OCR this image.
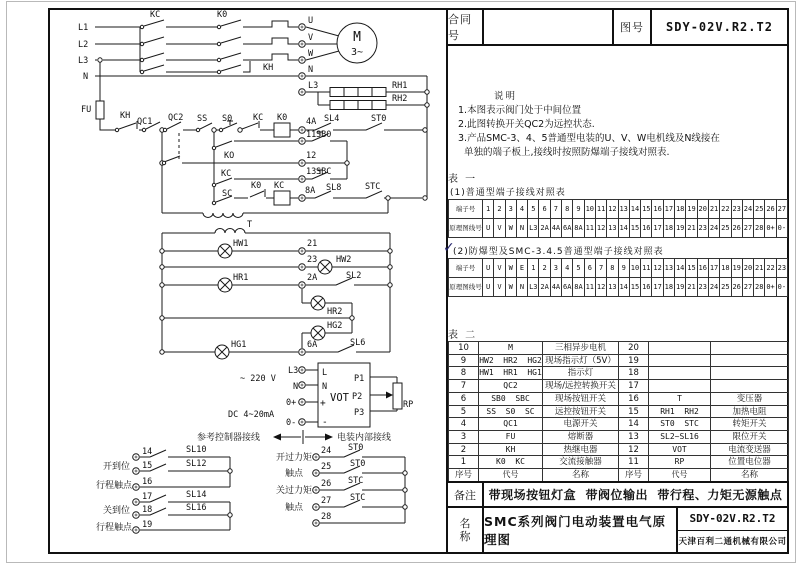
L1
L2
L3
N
KC	K0
KH
U
V
W
N
L3	RH1
RH2
M
3~
FU
KH
QC1 QC2 SS S0 KC K0 4A SL4	ST0
KO
11 SB0
12
KC	13 SBC
SC
K0 KC 8A SL8	STC
T
HW1	21
23 HW2
HR1	2A	SL2
HR2
HG2
HG1	6A	SL6
L3
~ 220 V
N
0+
DC 4~20mA
0-
L
N
VOT
+
-
P1
P2
P3
RP
参考控制器接线	电装内部接线
开到位
行程触点
14	SL10
15	SL12
16
17	SL14
18	SL16
19
关到位
行程触点
开过力矩
触点
关过力矩
触点
24 ST0
25 ST0
26 STC
27 STC
28
合同号
图号	SDY-02V.R2.T2
说明
1.本图表示阀门处于中间位置
2.此图转换开关QC2为远控状态.
3.产品SMC-3、4、5普通型电装的U、V、W电机线及N线接在
单独的端子板上,接线时按照防爆端子接线对照表.
表 一
(1)普通型端子接线对照表
端子号	1	2	3	4	5	6	7	8	9 10 11 12 13 14 15 16 17 18 19 20 21 22 23 24 25 26 27
原理图线号 U	V	W	N L3 2A 4A 6A 8A 11 12 13 14 15 16 17 18 19 21 23 24 25 26 27 28 0+ 0-
✓
(2)防爆型及SMC-3.4.5普通型端子接线对照表
端子号	U	V	W	E	1	2	3	4	5	6	7	8	9 10 11 12 13 14 15 16 17 18 19 20 21 22 23
原理图线号 U	V	W	N L3 2A 4A 6A 8A 11 12 13 14 15 16 17 18 19 21 23 24 25 26 27 28 0+ 0-
表 二
10	M	三相异步电机	20
9	HW2  HR2  HG2 现场指示灯（5V）	19
8	HW1  HR1  HG1	指示灯	18
7	QC2	现场/远控转换开关	17
6	SB0  SBC	现场按钮开关	16	T	变压器
5	SS  S0  SC	远控按钮开关	15	RH1  RH2	加热电阻
4	QC1	电源开关	14	ST0  STC	转矩开关
3	FU	熔断器	13	SL2~SL16	限位开关
2	KH	热继电器	12	VOT	电流变送器
1	K0  KC	交流接触器	11	RP	位置电位器
序号	代号	名称	序号	代号	名称
备注	带现场按钮灯盒  带阀位输出  带行程、力矩无源触点
名
称
SMC系列阀门电动装置电气原理图
SDY-02V.R2.T2
天津百利二通机械有限公司
